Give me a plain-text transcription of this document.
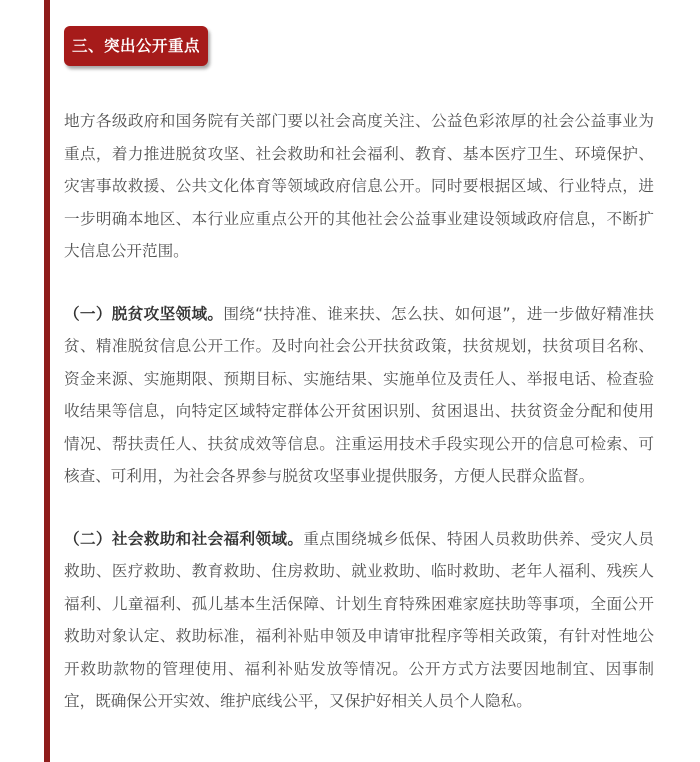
三、突出公开重点

地方各级政府和国务院有关部门要以社会高度关注、公益色彩浓厚的社会公益事业为重点，着力推进脱贫攻坚、社会救助和社会福利、教育、基本医疗卫生、环境保护、灾害事故救援、公共文化体育等领域政府信息公开。同时要根据区域、行业特点，进一步明确本地区、本行业应重点公开的其他社会公益事业建设领域政府信息，不断扩大信息公开范围。

（一）脱贫攻坚领域。围绕“扶持准、谁来扶、怎么扶、如何退”，进一步做好精准扶贫、精准脱贫信息公开工作。及时向社会公开扶贫政策，扶贫规划，扶贫项目名称、资金来源、实施期限、预期目标、实施结果、实施单位及责任人、举报电话、检查验收结果等信息，向特定区域特定群体公开贫困识别、贫困退出、扶贫资金分配和使用情况、帮扶责任人、扶贫成效等信息。注重运用技术手段实现公开的信息可检索、可核查、可利用，为社会各界参与脱贫攻坚事业提供服务，方便人民群众监督。

（二）社会救助和社会福利领域。重点围绕城乡低保、特困人员救助供养、受灾人员救助、医疗救助、教育救助、住房救助、就业救助、临时救助、老年人福利、残疾人福利、儿童福利、孤儿基本生活保障、计划生育特殊困难家庭扶助等事项，全面公开救助对象认定、救助标准，福利补贴申领及申请审批程序等相关政策，有针对性地公开救助款物的管理使用、福利补贴发放等情况。公开方式方法要因地制宜、因事制宜，既确保公开实效、维护底线公平，又保护好相关人员个人隐私。
